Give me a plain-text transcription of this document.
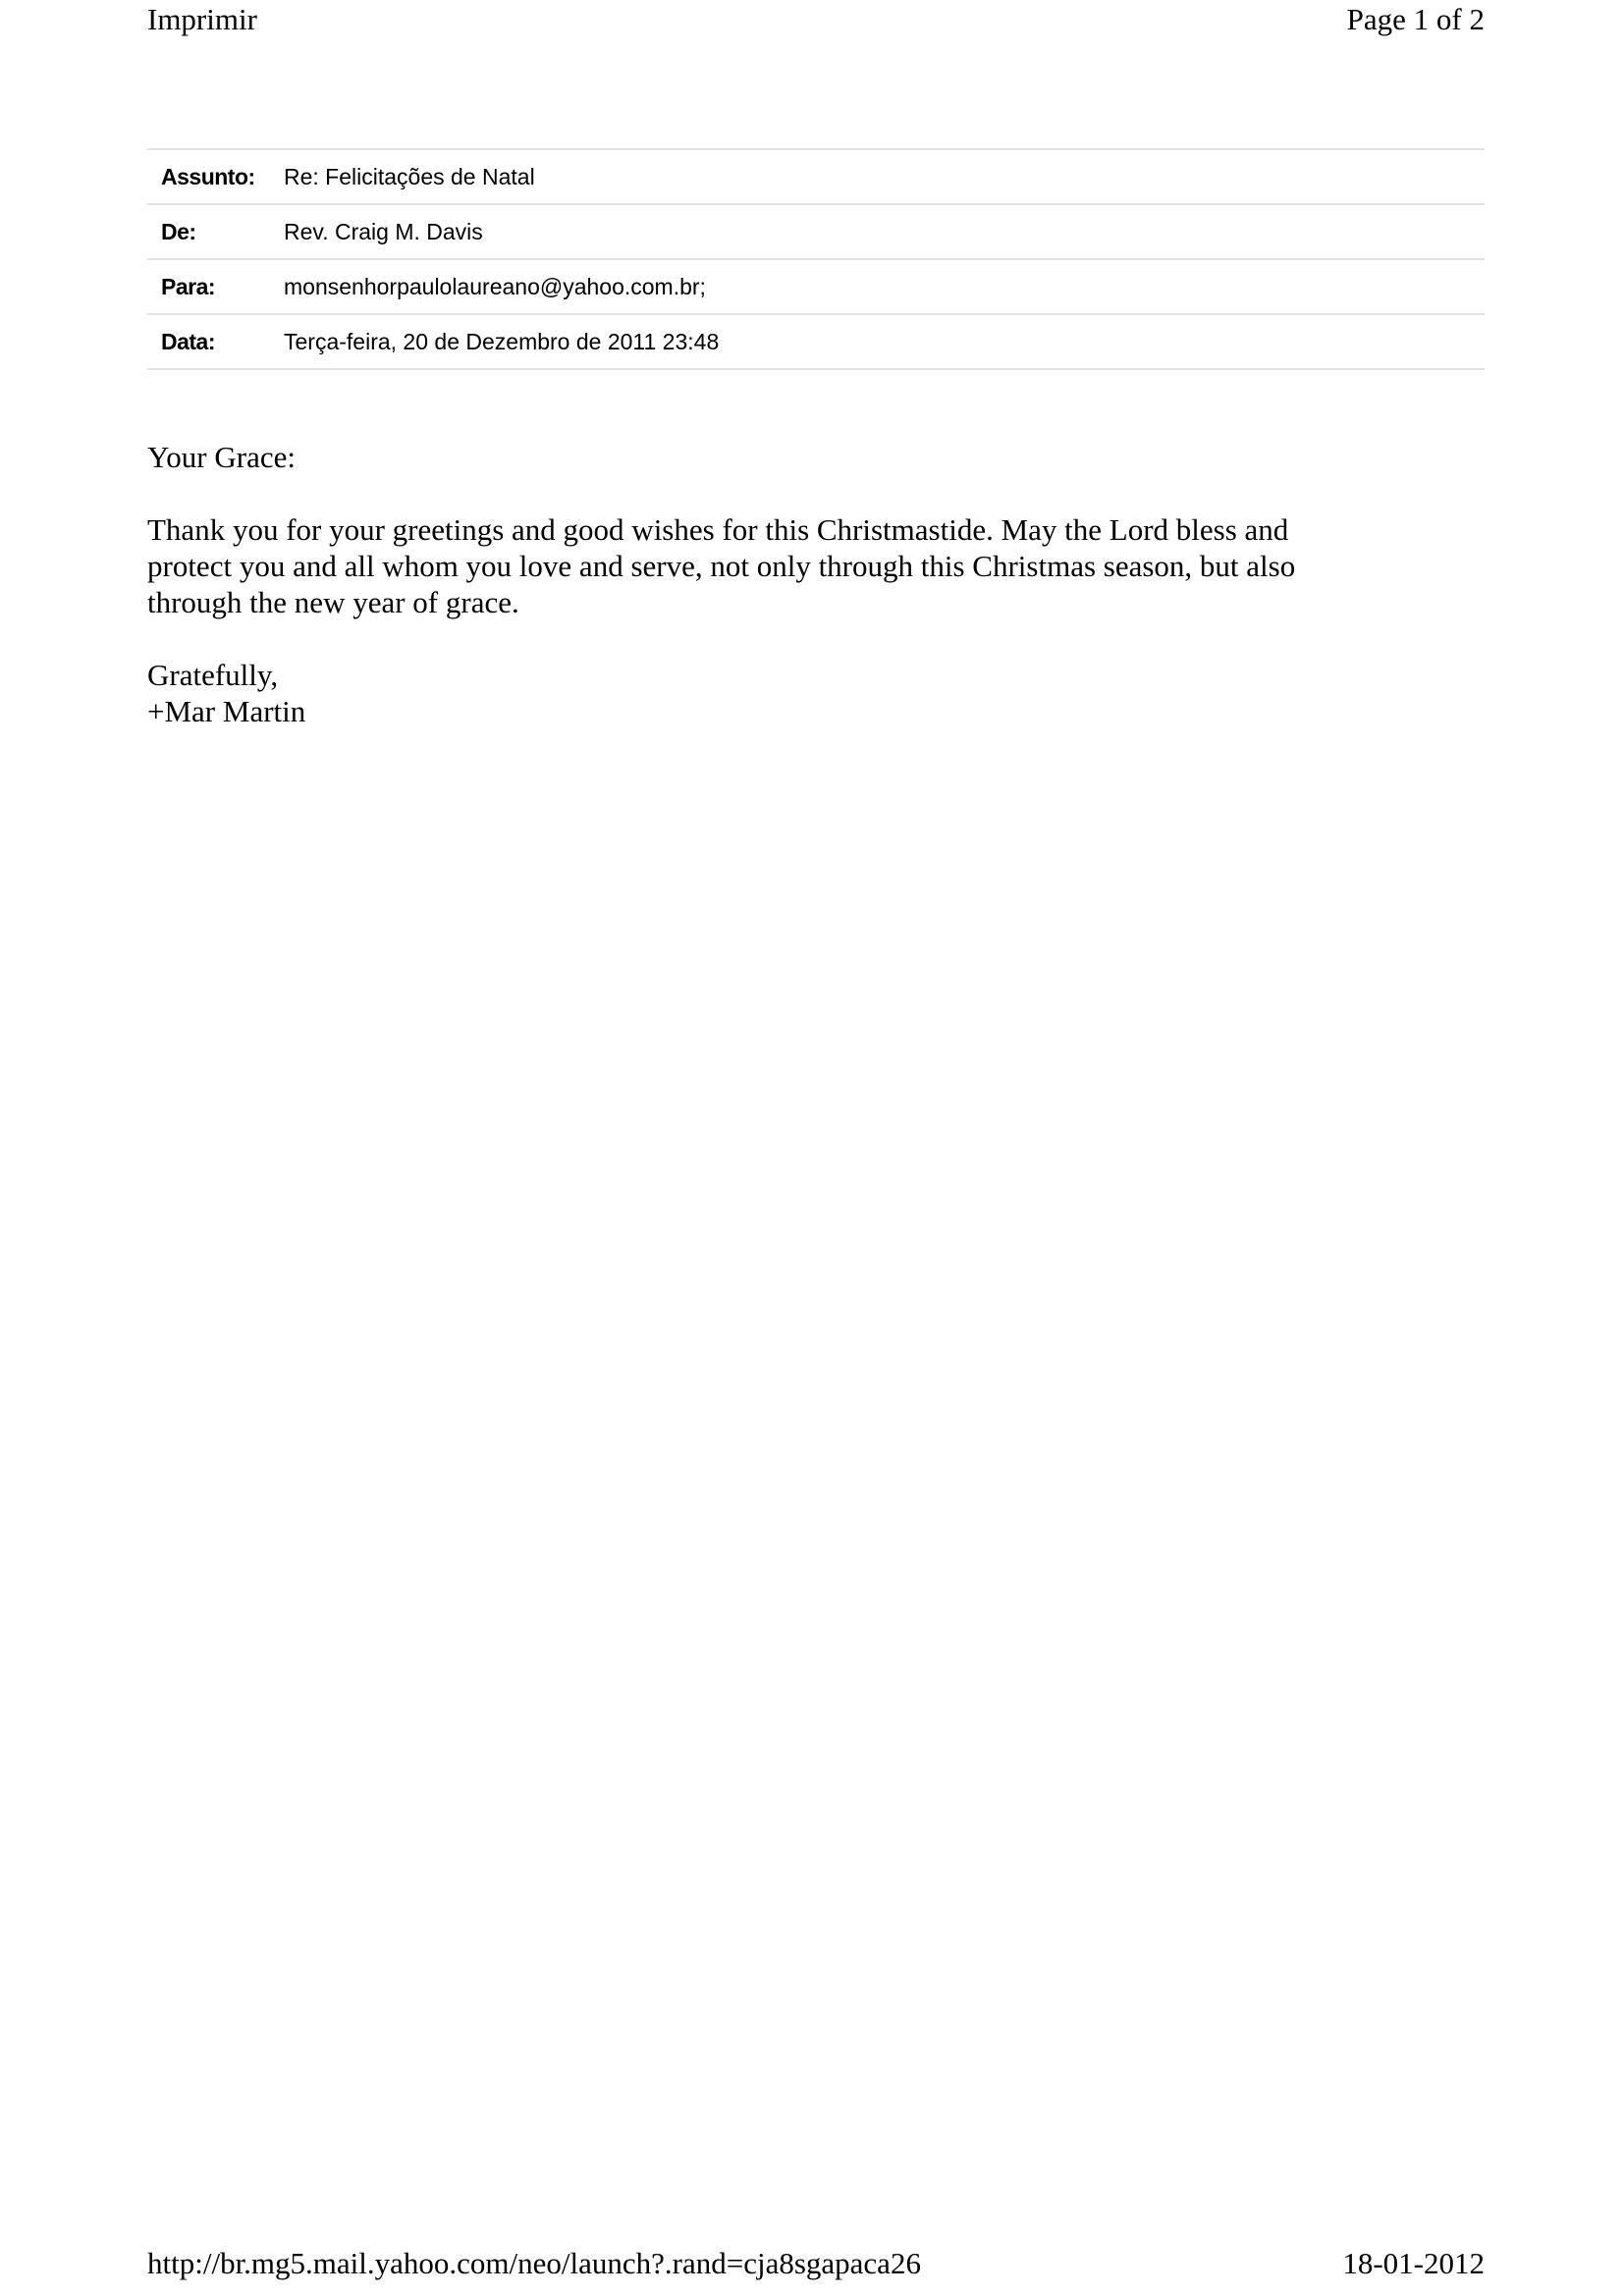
Imprimir	Page 1 of 2
Assunto:	Re: Felicitações de Natal
De:	Rev. Craig M. Davis
Para:	monsenhorpaulolaureano@yahoo.com.br;
Data:	Terça-feira, 20 de Dezembro de 2011 23:48

Your Grace:

Thank you for your greetings and good wishes for this Christmastide. May the Lord bless and
protect you and all whom you love and serve, not only through this Christmas season, but also
through the new year of grace.

Gratefully,

+Mar Martin

http://br.mg5.mail.yahoo.com/neo/launch?.rand=cja8sgapaca26	18-01-2012
